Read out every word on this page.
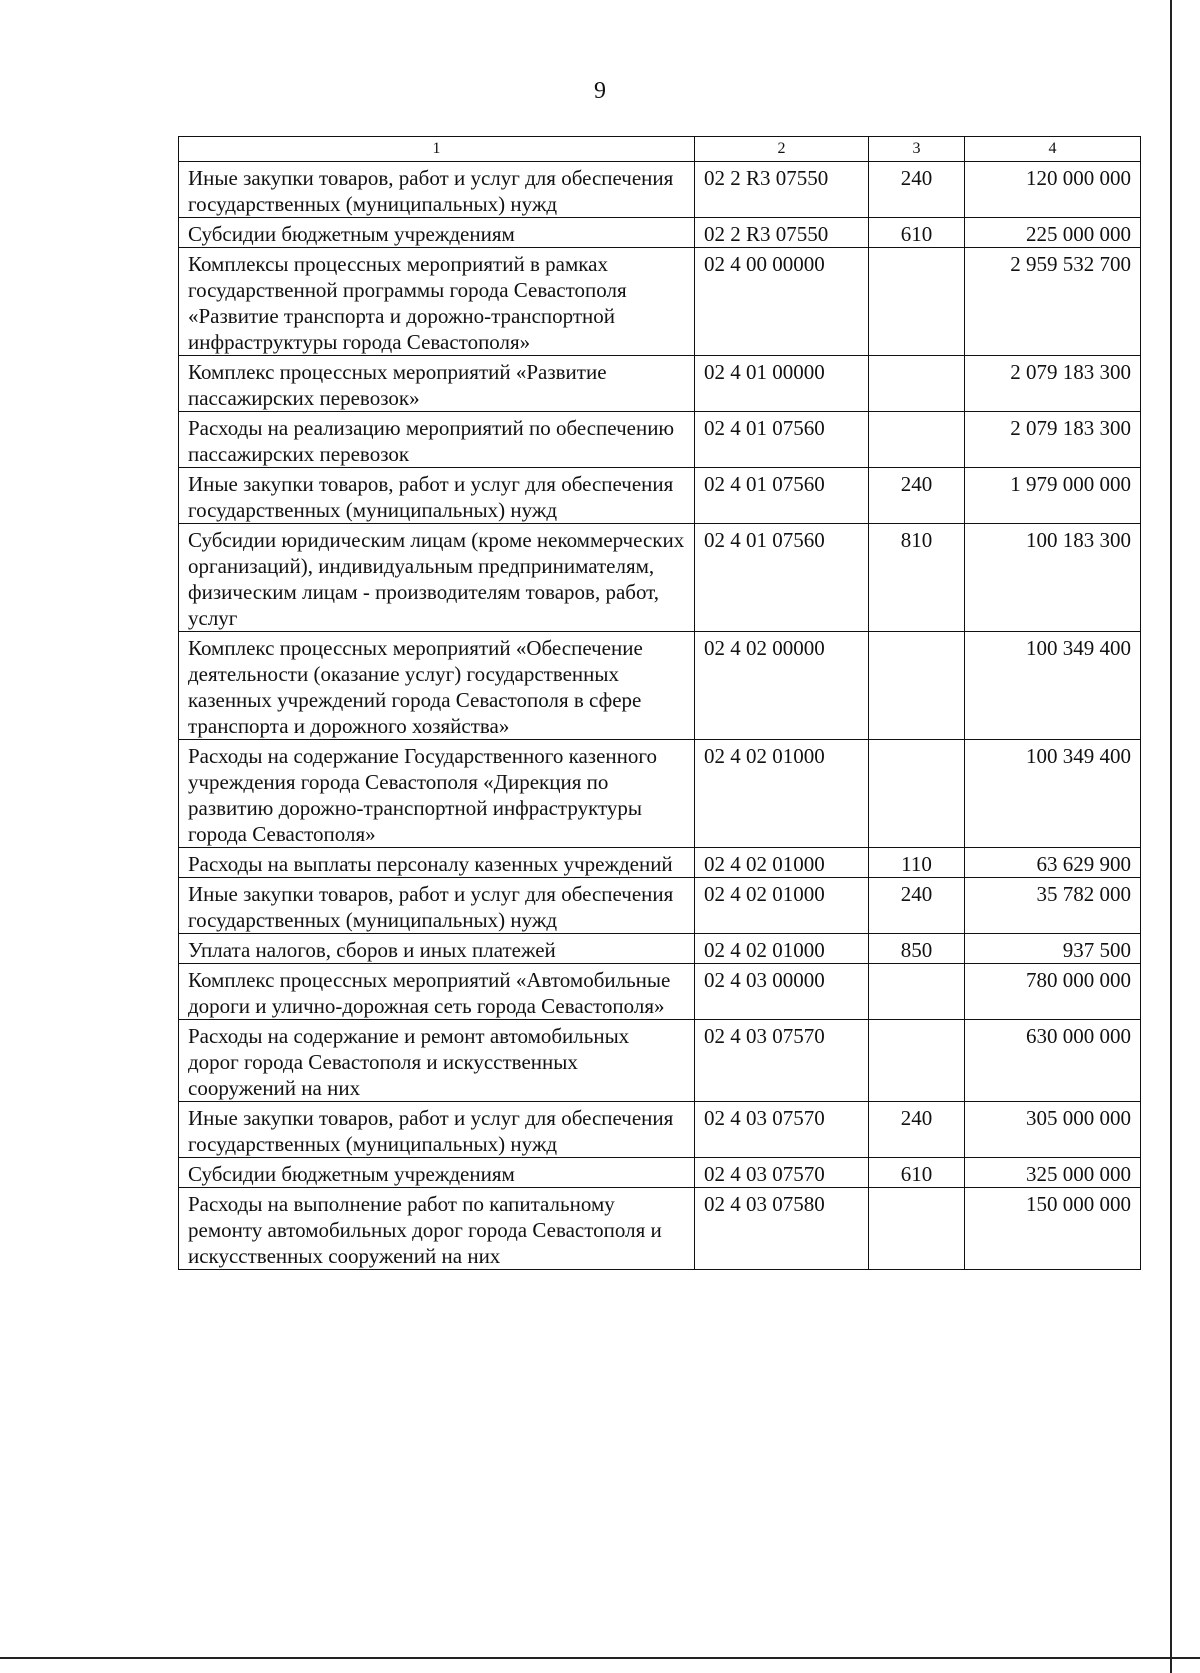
9
1	2	3	4
Иные закупки товаров, работ и услуг для обеспечения государственных (муниципальных) нужд	02 2 R3 07550	240	120 000 000
Субсидии бюджетным учреждениям	02 2 R3 07550	610	225 000 000
Комплексы процессных мероприятий в рамках государственной программы города Севастополя «Развитие транспорта и дорожно-транспортной инфраструктуры города Севастополя»	02 4 00 00000		2 959 532 700
Комплекс процессных мероприятий «Развитие пассажирских перевозок»	02 4 01 00000		2 079 183 300
Расходы на реализацию мероприятий по обеспечению пассажирских перевозок	02 4 01 07560		2 079 183 300
Иные закупки товаров, работ и услуг для обеспечения государственных (муниципальных) нужд	02 4 01 07560	240	1 979 000 000
Субсидии юридическим лицам (кроме некоммерческих организаций), индивидуальным предпринимателям, физическим лицам - производителям товаров, работ, услуг	02 4 01 07560	810	100 183 300
Комплекс процессных мероприятий «Обеспечение деятельности (оказание услуг) государственных казенных учреждений города Севастополя в сфере транспорта и дорожного хозяйства»	02 4 02 00000		100 349 400
Расходы на содержание Государственного казенного учреждения города Севастополя «Дирекция по развитию дорожно-транспортной инфраструктуры города Севастополя»	02 4 02 01000		100 349 400
Расходы на выплаты персоналу казенных учреждений	02 4 02 01000	110	63 629 900
Иные закупки товаров, работ и услуг для обеспечения государственных (муниципальных) нужд	02 4 02 01000	240	35 782 000
Уплата налогов, сборов и иных платежей	02 4 02 01000	850	937 500
Комплекс процессных мероприятий «Автомобильные дороги и улично-дорожная сеть города Севастополя»	02 4 03 00000		780 000 000
Расходы на содержание и ремонт автомобильных дорог города Севастополя и искусственных сооружений на них	02 4 03 07570		630 000 000
Иные закупки товаров, работ и услуг для обеспечения государственных (муниципальных) нужд	02 4 03 07570	240	305 000 000
Субсидии бюджетным учреждениям	02 4 03 07570	610	325 000 000
Расходы на выполнение работ по капитальному ремонту автомобильных дорог города Севастополя и искусственных сооружений на них	02 4 03 07580		150 000 000
